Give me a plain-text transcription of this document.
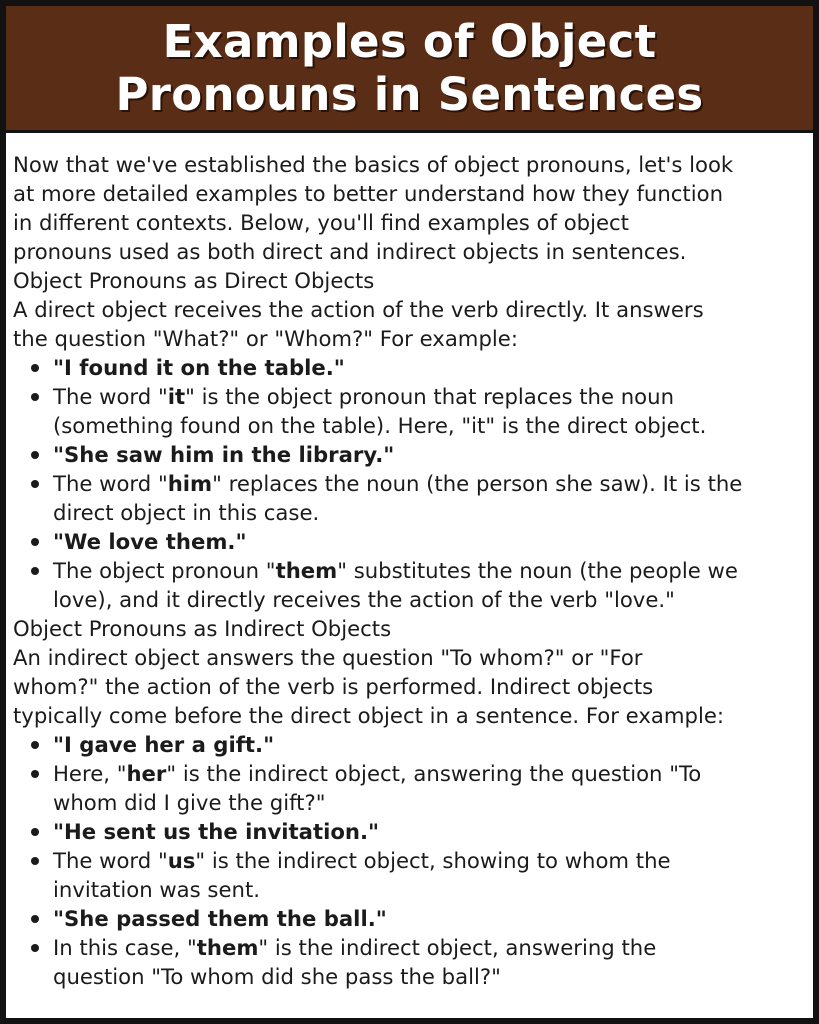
Examples of Object
Pronouns in Sentences

Now that we've established the basics of object pronouns, let's look

at more detailed examples to better understand how they function

in different contexts. Below, you'll find examples of object

pronouns used as both direct and indirect objects in sentences.

Object Pronouns as Direct Objects

A direct object receives the action of the verb directly. It answers

the question "What?" or "Whom?" For example:

"I found it on the table."
The word "it" is the object pronoun that replaces the noun
(something found on the table). Here, "it" is the direct object.
"She saw him in the library."
The word "him" replaces the noun (the person she saw). It is the
direct object in this case.
"We love them."
The object pronoun "them" substitutes the noun (the people we
love), and it directly receives the action of the verb "love."

Object Pronouns as Indirect Objects

An indirect object answers the question "To whom?" or "For

whom?" the action of the verb is performed. Indirect objects

typically come before the direct object in a sentence. For example:

"I gave her a gift."
Here, "her" is the indirect object, answering the question "To
whom did I give the gift?"
"He sent us the invitation."
The word "us" is the indirect object, showing to whom the
invitation was sent.
"She passed them the ball."
In this case, "them" is the indirect object, answering the
question "To whom did she pass the ball?"
